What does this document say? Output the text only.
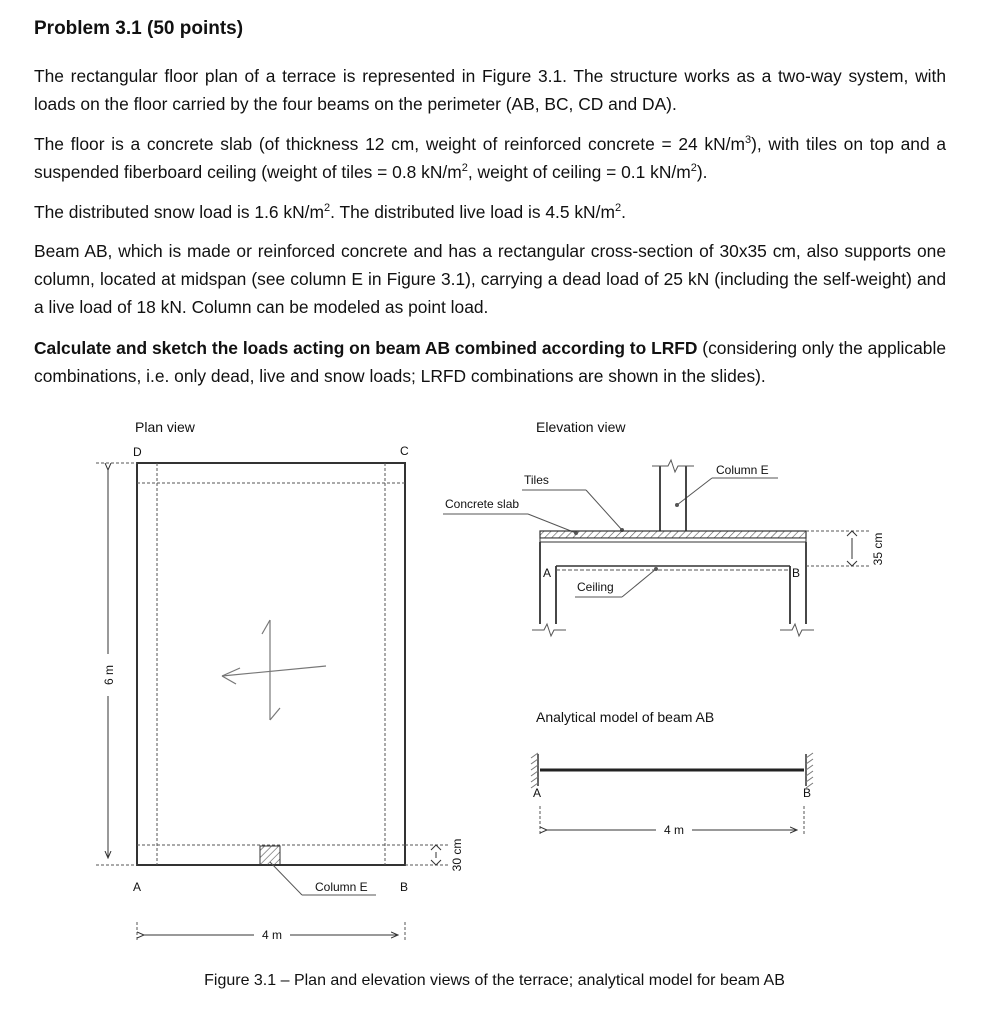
Problem 3.1 (50 points)

The rectangular floor plan of a terrace is represented in Figure 3.1. The structure works as a two-way system, with loads on the floor carried by the four beams on the perimeter (AB, BC, CD and DA).

The floor is a concrete slab (of thickness 12 cm, weight of reinforced concrete = 24 $kN/m^3$), with tiles on top and a suspended fiberboard ceiling (weight of tiles = 0.8 $kN/m^2$, weight of ceiling = 0.1 $kN/m^2$).

The distributed snow load is 1.6 $kN/m^2$. The distributed live load is 4.5 $kN/m^2$.

Beam AB, which is made or reinforced concrete and has a rectangular cross-section of 30x35 cm, also supports one column, located at midspan (see column E in Figure 3.1), carrying a dead load of 25 kN (including the self-weight) and a live load of 18 kN. Column can be modeled as point load.

Calculate and sketch the loads acting on beam AB combined according to LRFD (considering only the applicable combinations, i.e. only dead, live and snow loads; LRFD combinations are shown in the slides).

Plan view
D	C
A	B
Column E
6 m
4 m
30 cm
Elevation view
Tiles
Concrete slab
Column E
A	B
Ceiling
35 cm
Analytical model of beam AB
A	B
4 m
Figure 3.1 – Plan and elevation views of the terrace; analytical model for beam AB
